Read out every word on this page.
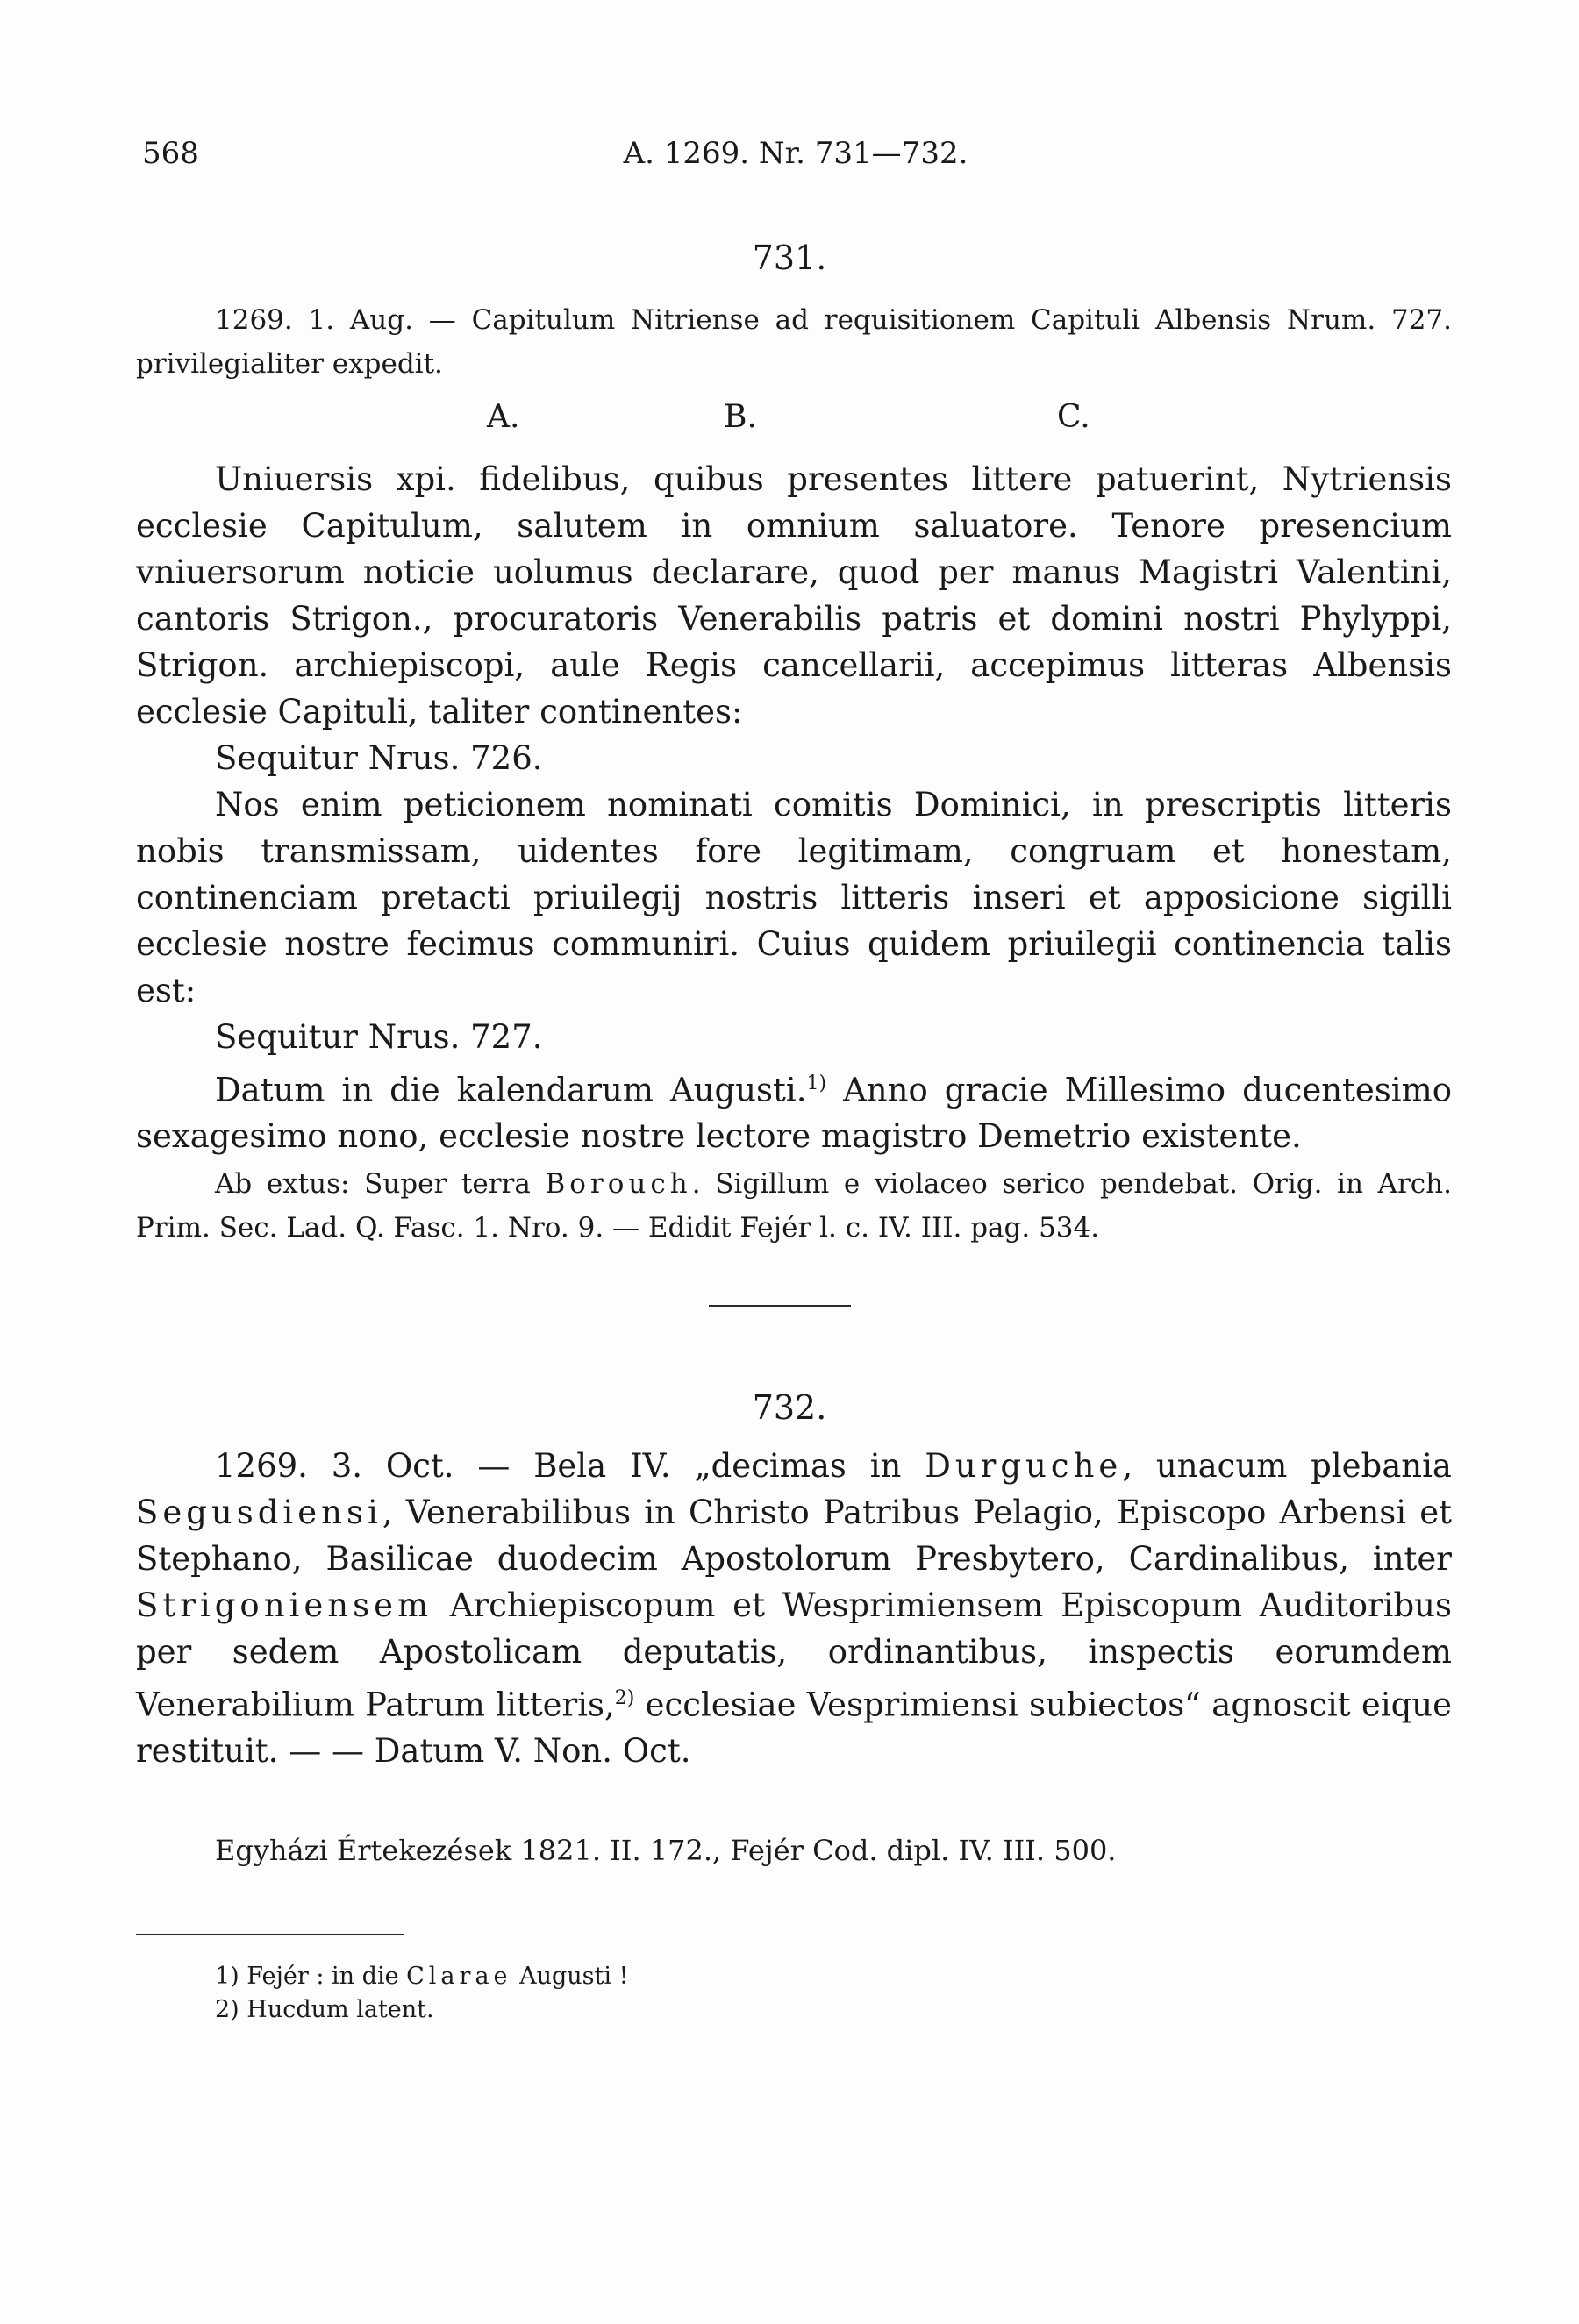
568	A. 1269. Nr. 731—732.
731.
1269. 1. Aug. — Capitulum Nitriense ad requisitionem Capituli Albensis Nrum. 727.
privilegialiter expedit.
A.	B.	C.

Uniuersis xpi. fidelibus, quibus presentes littere patuerint, Nytriensis ecclesie Capitulum, salutem in omnium saluatore. Tenore presencium vniuersorum noticie uolumus declarare, quod per manus Magistri Valentini, cantoris Strigon., procuratoris Venerabilis patris et domini nostri Phylyppi, Strigon. archiepiscopi, aule Regis cancellarii, accepimus litteras Albensis ecclesie Capituli, taliter continentes:

Sequitur Nrus. 726.

Nos enim peticionem nominati comitis Dominici, in prescriptis litteris nobis transmissam, uidentes fore legitimam, congruam et honestam, continenciam pretacti priuilegij nostris litteris inseri et apposicione sigilli ecclesie nostre fecimus communiri. Cuius quidem priuilegii continencia talis est:

Sequitur Nrus. 727.

Datum in die kalendarum Augusti.$^{1)}$ Anno gracie Millesimo ducentesimo sexagesimo nono, ecclesie nostre lectore magistro Demetrio existente.

Ab extus: Super terra Borouch. Sigillum e violaceo serico pendebat. Orig. in Arch. Prim. Sec. Lad. Q. Fasc. 1. Nro. 9. — Edidit Fejér l. c. IV. III. pag. 534.
732.

1269. 3. Oct. — Bela IV. „decimas in Durguche, unacum plebania Segusdiensi, Venerabilibus in Christo Patribus Pelagio, Episcopo Arbensi et Stephano, Basilicae duodecim Apostolorum Presbytero, Cardinalibus, inter Strigoniensem Archiepiscopum et Wesprimiensem Episcopum Auditoribus per sedem Apostolicam deputatis, ordinantibus, inspectis eorumdem Venerabilium Patrum litteris,$^{2)}$ ecclesiae Vesprimiensi subiectos“ agnoscit eique restituit. — — Datum V. Non. Oct.

Egyházi Értekezések 1821. II. 172., Fejér Cod. dipl. IV. III. 500.
1) Fejér : in die Clarae Augusti !
2) Hucdum latent.
